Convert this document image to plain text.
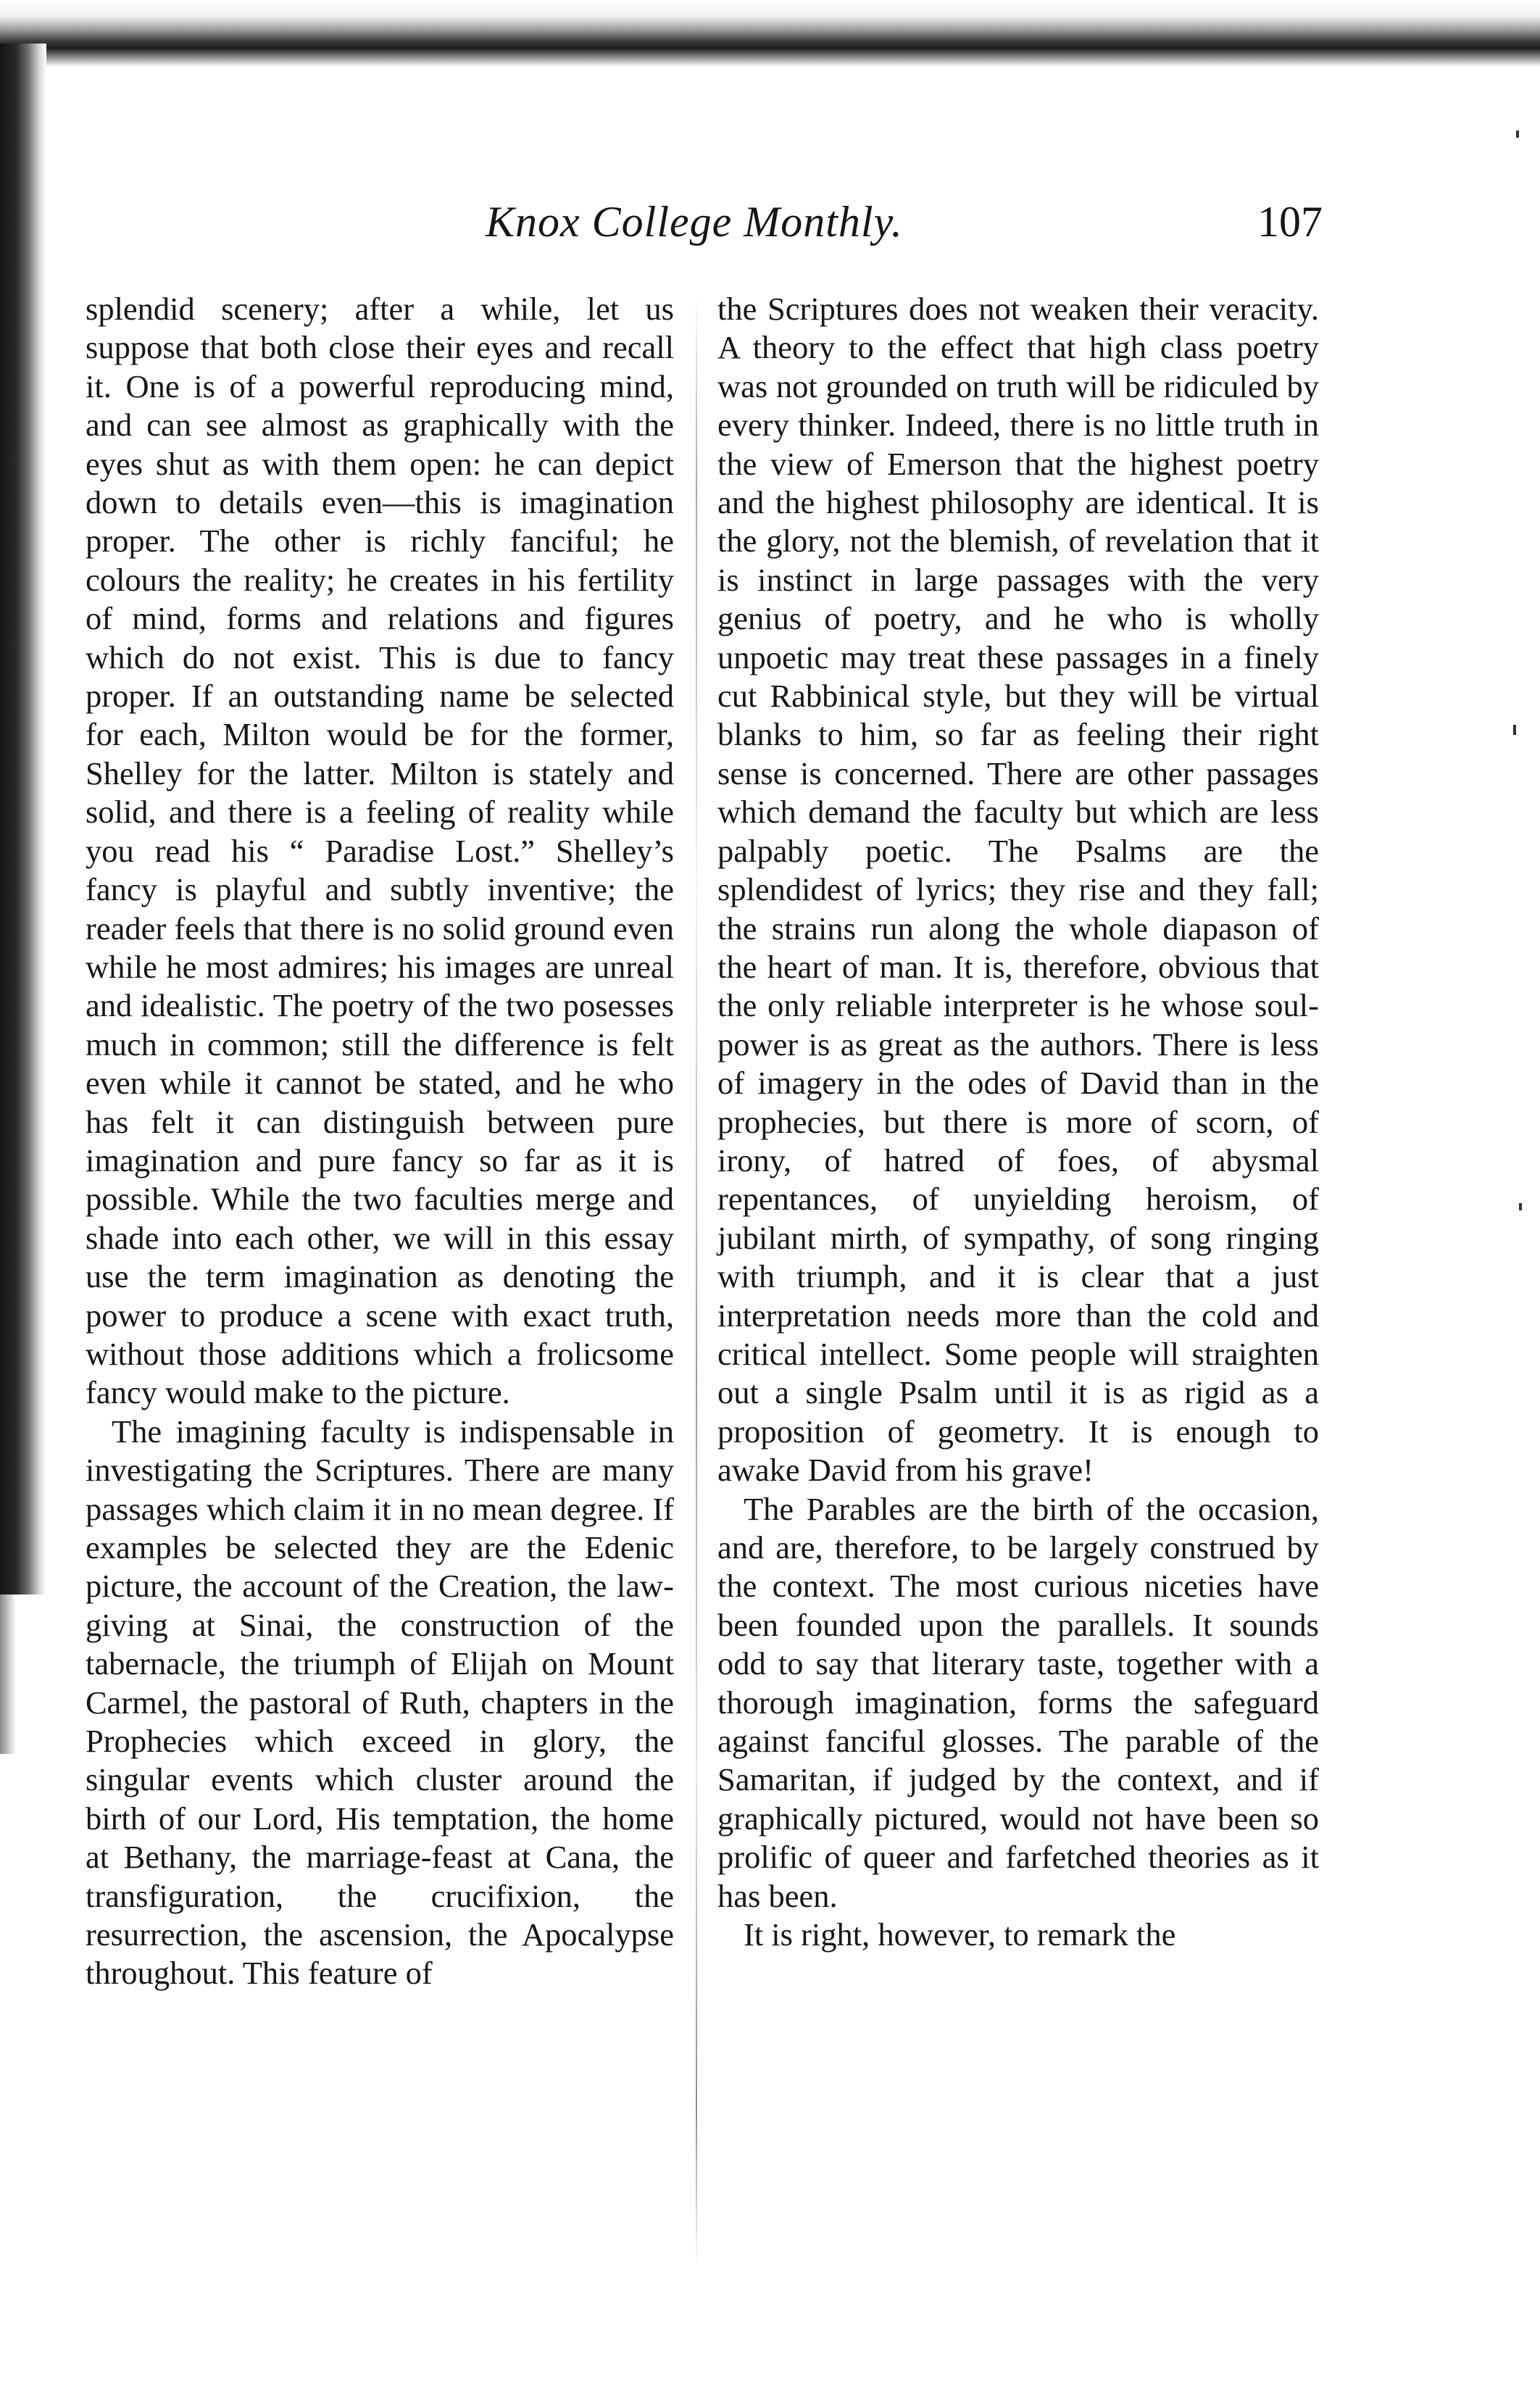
Knox College Monthly.	107

splendid scenery; after a while, let us suppose that both close their eyes and recall it. One is of a powerful reproducing mind, and can see almost as graphically with the eyes shut as with them open: he can depict down to details even—this is imagination proper. The other is richly fanciful; he colours the reality; he creates in his fertility of mind, forms and relations and figures which do not exist. This is due to fancy proper. If an outstanding name be selected for each, Milton would be for the former, Shelley for the latter. Milton is stately and solid, and there is a feeling of reality while you read his “ Paradise Lost.” Shelley’s fancy is playful and subtly inventive; the reader feels that there is no solid ground even while he most admires; his images are unreal and idealistic. The poetry of the two posesses much in common; still the difference is felt even while it cannot be stated, and he who has felt it can distinguish between pure imagination and pure fancy so far as it is possible. While the two faculties merge and shade into each other, we will in this essay use the term imagination as denoting the power to produce a scene with exact truth, without those additions which a frolicsome fancy would make to the picture.

The imagining faculty is indispensable in investigating the Scriptures. There are many passages which claim it in no mean degree. If examples be selected they are the Edenic picture, the account of the Creation, the lawgiving at Sinai, the construction of the tabernacle, the triumph of Elijah on Mount Carmel, the pastoral of Ruth, chapters in the Prophecies which exceed in glory, the singular events which cluster around the birth of our Lord, His temptation, the home at Bethany, the marriage-feast at Cana, the transfiguration, the crucifixion, the resurrection, the ascension, the Apocalypse throughout. This feature of

the Scriptures does not weaken their veracity. A theory to the effect that high class poetry was not grounded on truth will be ridiculed by every thinker. Indeed, there is no little truth in the view of Emerson that the highest poetry and the highest philosophy are identical. It is the glory, not the blemish, of revelation that it is instinct in large passages with the very genius of poetry, and he who is wholly unpoetic may treat these passages in a finely cut Rabbinical style, but they will be virtual blanks to him, so far as feeling their right sense is concerned. There are other passages which demand the faculty but which are less palpably poetic. The Psalms are the splendidest of lyrics; they rise and they fall; the strains run along the whole diapason of the heart of man. It is, therefore, obvious that the only reliable interpreter is he whose soulpower is as great as the authors. There is less of imagery in the odes of David than in the prophecies, but there is more of scorn, of irony, of hatred of foes, of abysmal repentances, of unyielding heroism, of jubilant mirth, of sympathy, of song ringing with triumph, and it is clear that a just interpretation needs more than the cold and critical intellect. Some people will straighten out a single Psalm until it is as rigid as a proposition of geometry. It is enough to awake David from his grave!

The Parables are the birth of the occasion, and are, therefore, to be largely construed by the context. The most curious niceties have been founded upon the parallels. It sounds odd to say that literary taste, together with a thorough imagination, forms the safeguard against fanciful glosses. The parable of the Samaritan, if judged by the context, and if graphically pictured, would not have been so prolific of queer and farfetched theories as it has been.

It is right, however, to remark the
